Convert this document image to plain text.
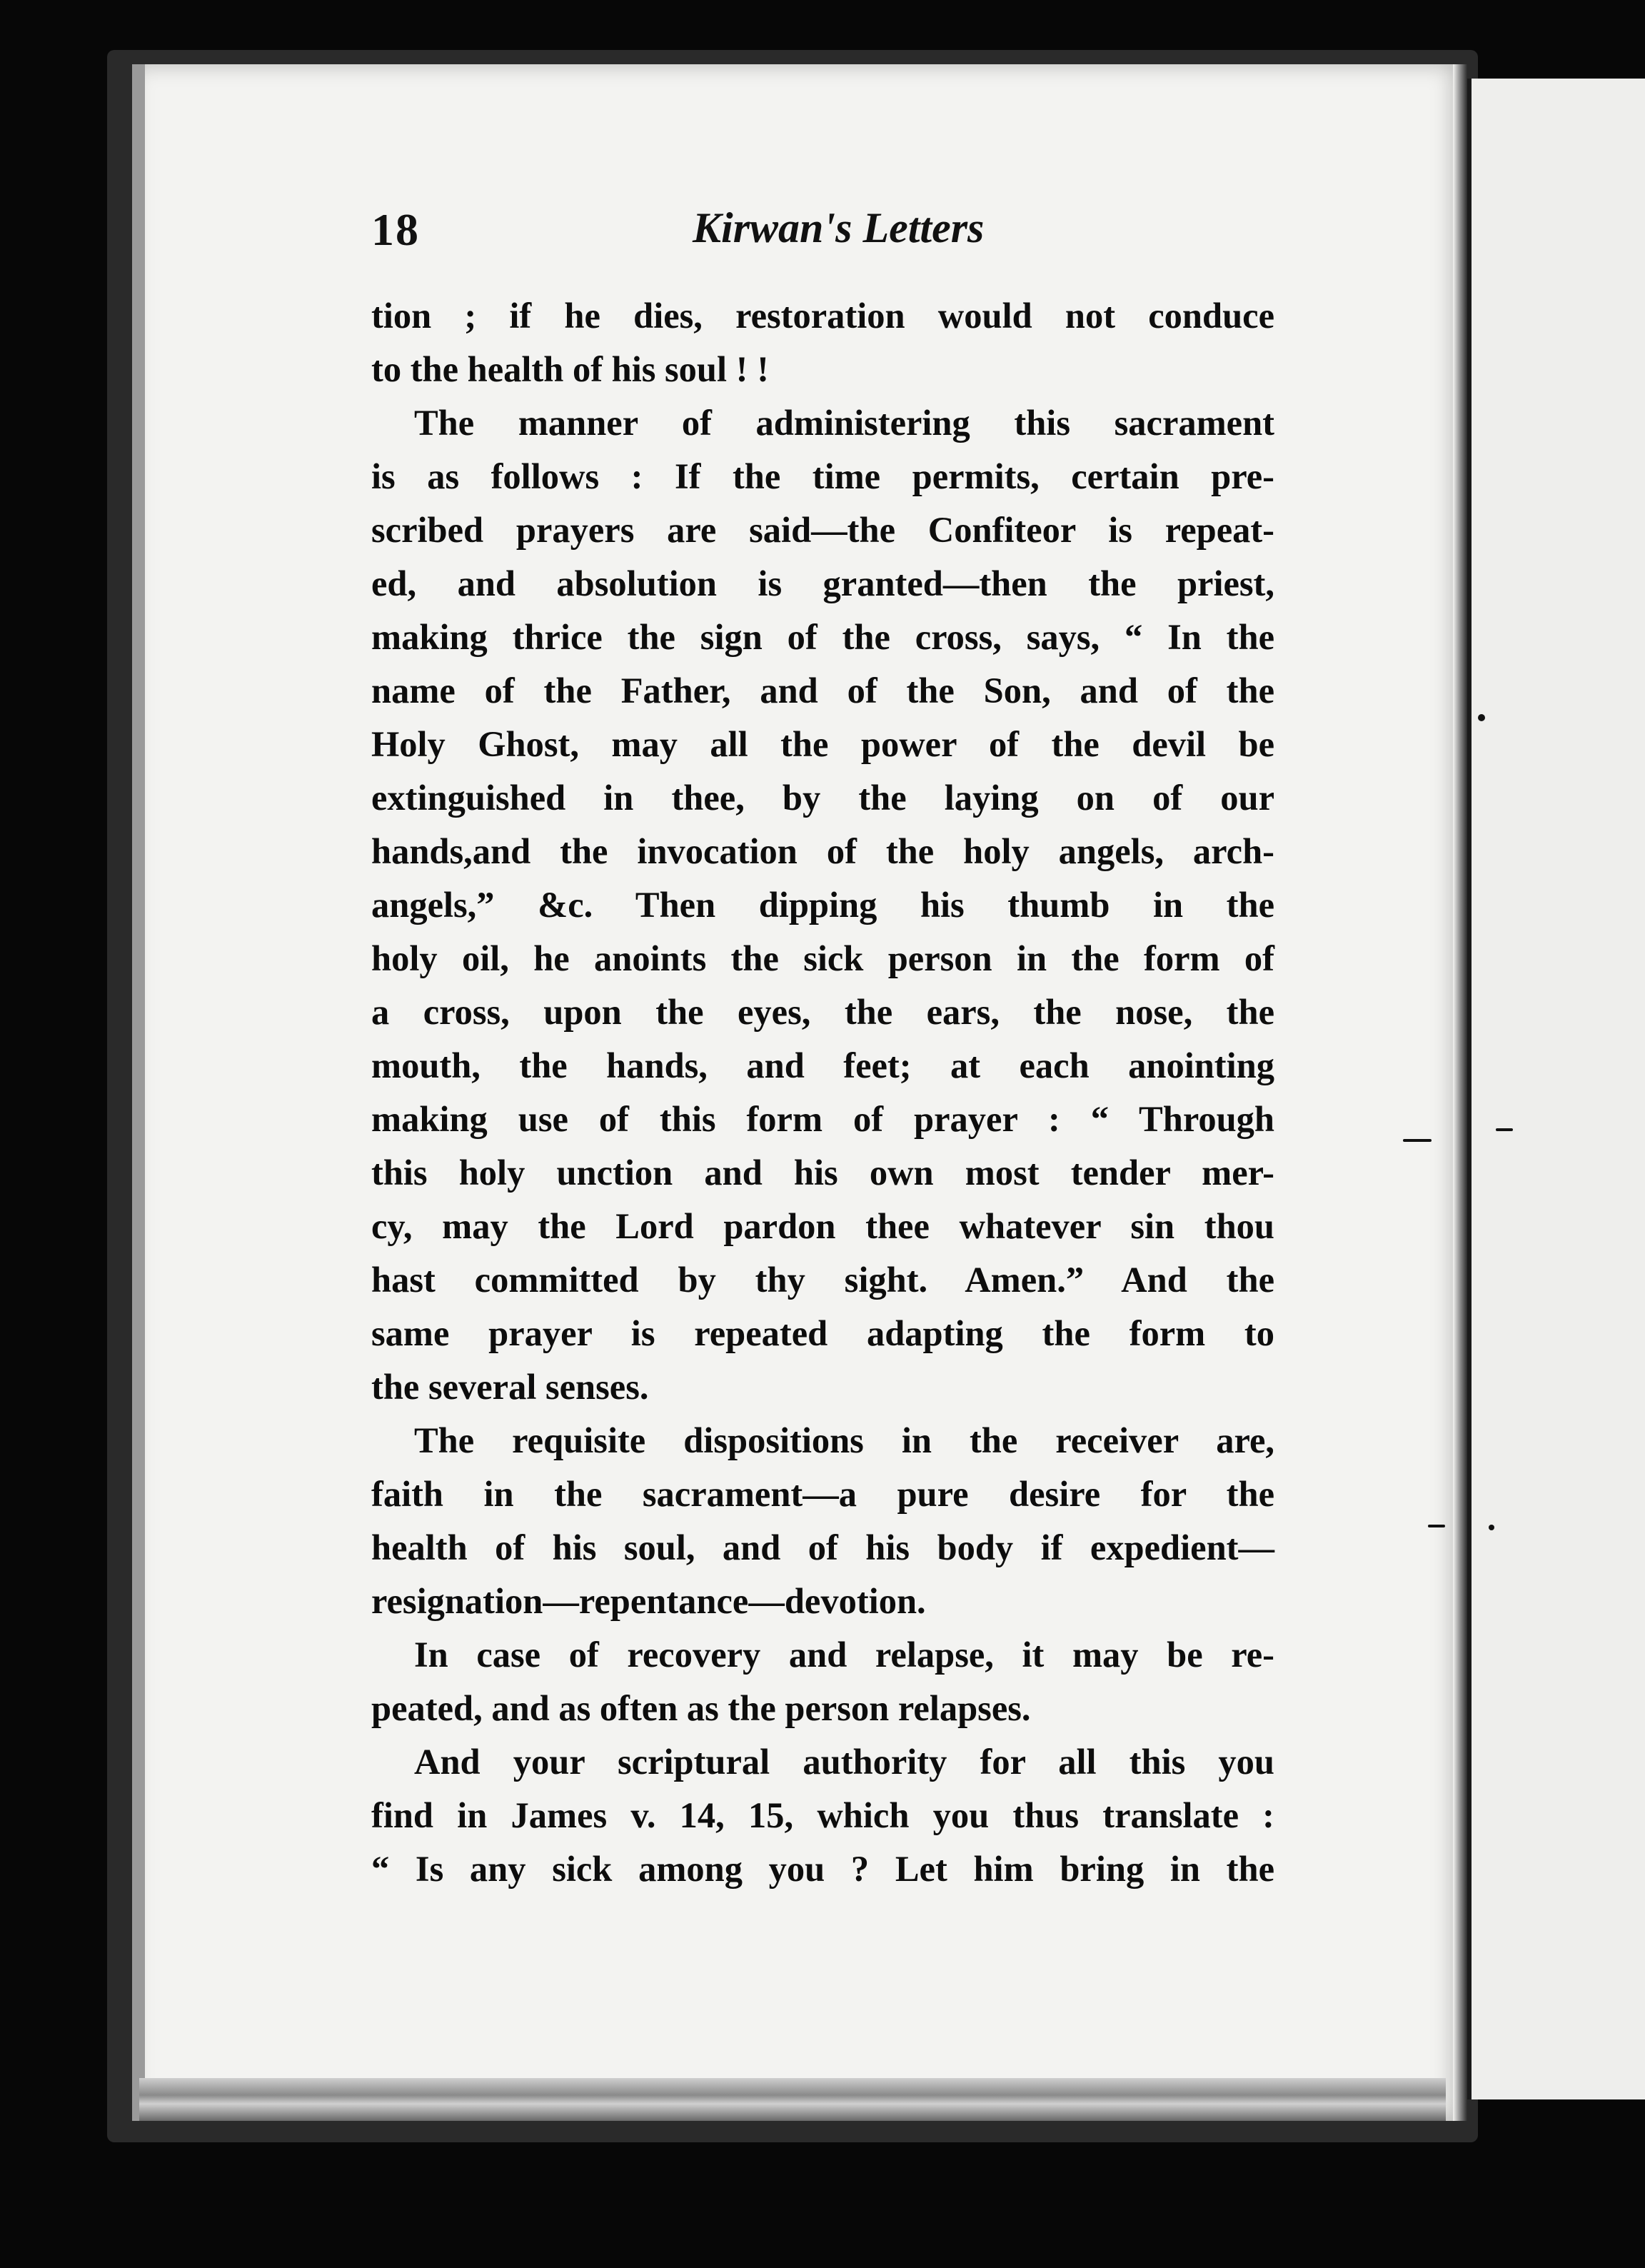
18	Kirwan's Letters
tion ; if he dies, restoration would not conduce
to the health of his soul ! !
The manner of administering this sacrament
is as follows : If the time permits, certain pre-
scribed prayers are said—the Confiteor is repeat-
ed, and absolution is granted—then the priest,
making thrice the sign of the cross, says, “ In the
name of the Father, and of the Son, and of the
Holy Ghost, may all the power of the devil be
extinguished in thee, by the laying on of our
hands,and the invocation of the holy angels, arch-
angels,” &c. Then dipping his thumb in the
holy oil, he anoints the sick person in the form of
a cross, upon the eyes, the ears, the nose, the
mouth, the hands, and feet; at each anointing
making use of this form of prayer : “ Through
this holy unction and his own most tender mer-
cy, may the Lord pardon thee whatever sin thou
hast committed by thy sight. Amen.” And the
same prayer is repeated adapting the form to
the several senses.
The requisite dispositions in the receiver are,
faith in the sacrament—a pure desire for the
health of his soul, and of his body if expedient—
resignation—repentance—devotion.
In case of recovery and relapse, it may be re-
peated, and as often as the person relapses.
And your scriptural authority for all this you
find in James v. 14, 15, which you thus translate :
“ Is any sick among you ? Let him bring in the
